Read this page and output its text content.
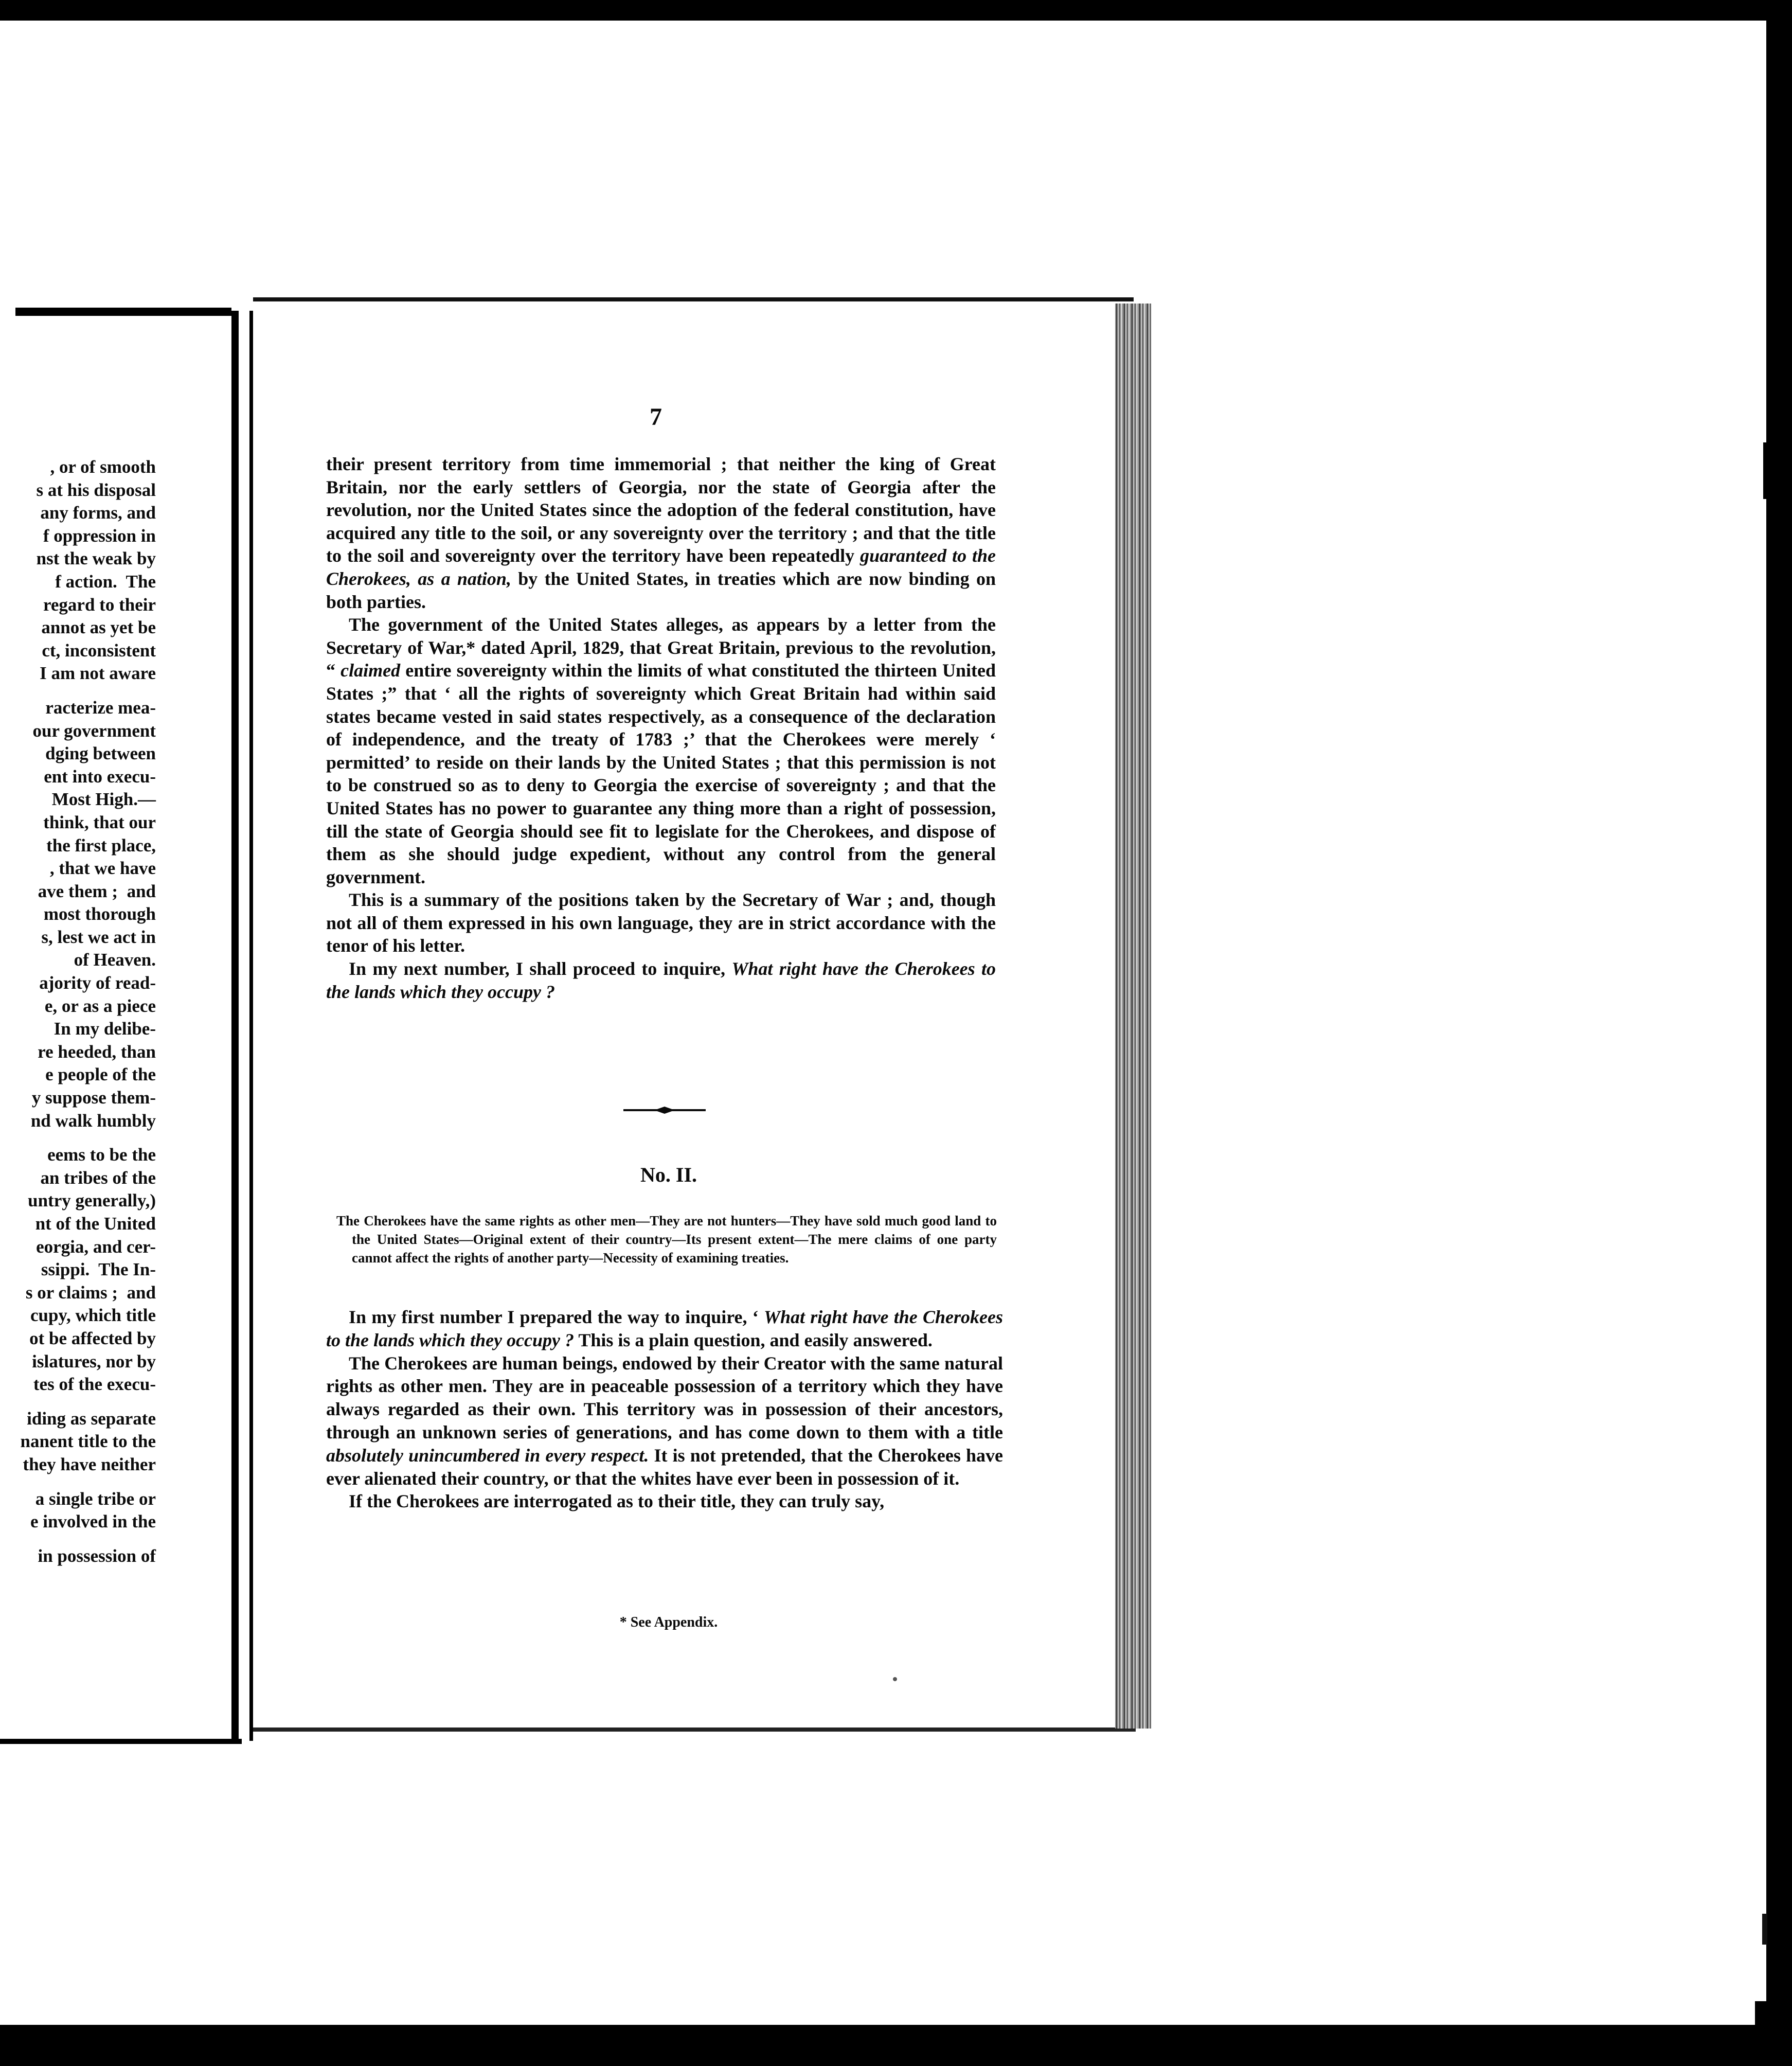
, or of smooth
s at his disposal
any forms, and
f oppression in
nst the weak by
f action.  The
regard to their
annot as yet be
ct, inconsistent
I am not aware
racterize mea-
our government
dging between
ent into execu-
Most High.—
think, that our
the first place,
, that we have
ave them ;  and
most thorough
s, lest we act in
of Heaven.
ajority of read-
e, or as a piece
In my delibe-
re heeded, than
e people of the
y suppose them-
nd walk humbly
eems to be the
an tribes of the
untry generally,)
nt of the United
eorgia, and cer-
ssippi.  The In-
s or claims ;  and
cupy, which title
ot be affected by
islatures, nor by
tes of the execu-
iding as separate
nanent title to the
they have neither
a single tribe or
e involved in the
in possession of
7

their present territory from time immemorial ; that neither the king of Great Britain, nor the early settlers of Georgia, nor the state of Georgia after the revolution, nor the United States since the adoption of the federal constitution, have acquired any title to the soil, or any sovereignty over the territory ; and that the title to the soil and sovereignty over the territory have been repeatedly guaranteed to the Cherokees, as a nation, by the United States, in treaties which are now binding on both parties.

The government of the United States alleges, as appears by a letter from the Secretary of War,* dated April, 1829, that Great Britain, previous to the revolution, “ claimed entire sovereignty within the limits of what constituted the thirteen United States ;” that ‘ all the rights of sovereignty which Great Britain had within said states became vested in said states respectively, as a consequence of the declaration of independence, and the treaty of 1783 ;’ that the Cherokees were merely ‘ permitted’ to reside on their lands by the United States ; that this permission is not to be construed so as to deny to Georgia the exercise of sovereignty ; and that the United States has no power to guarantee any thing more than a right of possession, till the state of Georgia should see fit to legislate for the Cherokees, and dispose of them as she should judge expedient, without any control from the general government.

This is a summary of the positions taken by the Secretary of War ; and, though not all of them expressed in his own language, they are in strict accordance with the tenor of his letter.

In my next number, I shall proceed to inquire, What right have the Cherokees to the lands which they occupy ?

No. II.
The Cherokees have the same rights as other men—They are not hunters—They have sold much good land to the United States—Original extent of their country—Its present extent—The mere claims of one party cannot affect the rights of another party—Necessity of examining treaties.

In my first number I prepared the way to inquire, ‘ What right have the Cherokees to the lands which they occupy ? This is a plain question, and easily answered.

The Cherokees are human beings, endowed by their Creator with the same natural rights as other men. They are in peaceable possession of a territory which they have always regarded as their own. This territory was in possession of their ancestors, through an unknown series of generations, and has come down to them with a title absolutely unincumbered in every respect. It is not pretended, that the Cherokees have ever alienated their country, or that the whites have ever been in possession of it.

If the Cherokees are interrogated as to their title, they can truly say,

* See Appendix.
